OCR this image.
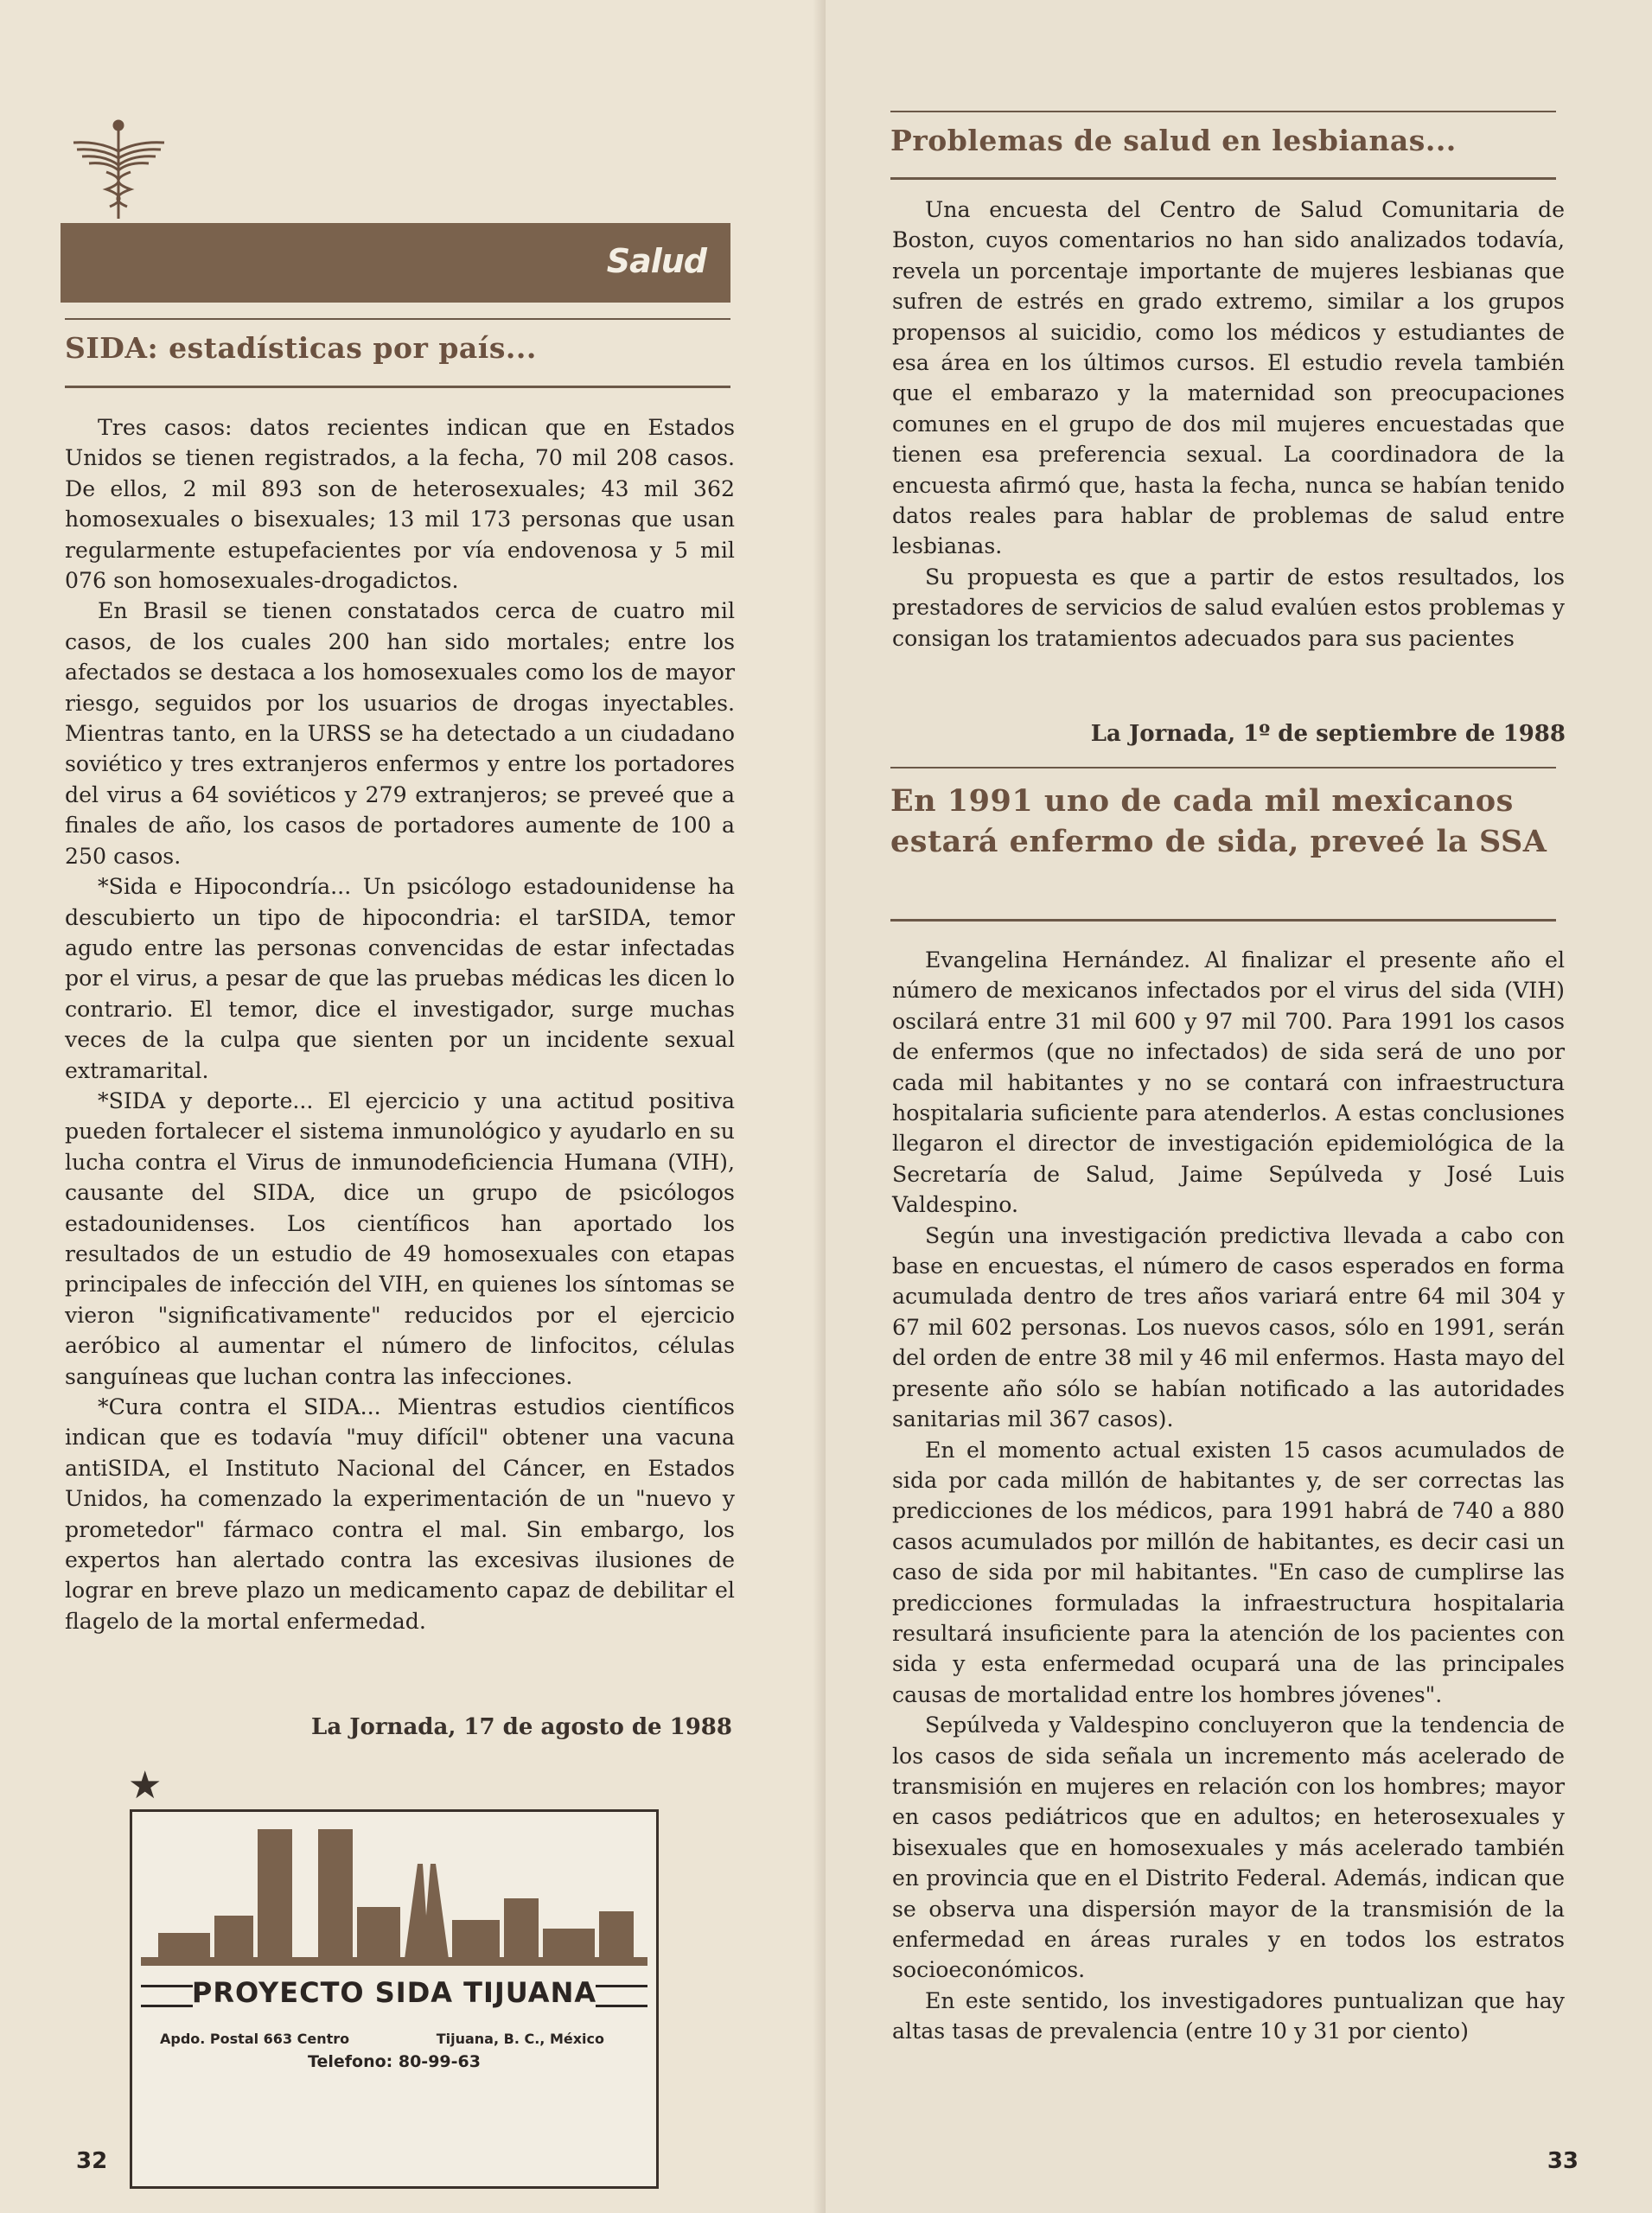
Salud
SIDA: estadísticas por país...

Tres casos: datos recientes indican que en Estados Unidos se tienen registrados, a la fecha, 70 mil 208 casos. De ellos, 2 mil 893 son de heterosexuales; 43 mil 362 homosexuales o bisexuales; 13 mil 173 personas que usan regularmente estupefacientes por vía endovenosa y 5 mil 076 son homosexuales-drogadictos.

En Brasil se tienen constatados cerca de cuatro mil casos, de los cuales 200 han sido mortales; entre los afectados se destaca a los homosexuales como los de mayor riesgo, seguidos por los usuarios de drogas inyectables. Mientras tanto, en la URSS se ha detectado a un ciudadano soviético y tres extranjeros enfermos y entre los portadores del virus a 64 soviéticos y 279 extranjeros; se preveé que a finales de año, los casos de portadores aumente de 100 a 250 casos.

*Sida e Hipocondría... Un psicólogo estadounidense ha descubierto un tipo de hipocondria: el tarSIDA, temor agudo entre las personas convencidas de estar infectadas por el virus, a pesar de que las pruebas médicas les dicen lo contrario. El temor, dice el investigador, surge muchas veces de la culpa que sienten por un incidente sexual extramarital.

*SIDA y deporte... El ejercicio y una actitud positiva pueden fortalecer el sistema inmunológico y ayudarlo en su lucha contra el Virus de inmunodeficiencia Humana (VIH), causante del SIDA, dice un grupo de psicólogos estadounidenses. Los científicos han aportado los resultados de un estudio de 49 homosexuales con etapas principales de infección del VIH, en quienes los síntomas se vieron "significativamente" reducidos por el ejercicio aeróbico al aumentar el número de linfocitos, células sanguíneas que luchan contra las infecciones.

*Cura contra el SIDA... Mientras estudios científicos indican que es todavía "muy difícil" obtener una vacuna antiSIDA, el Instituto Nacional del Cáncer, en Estados Unidos, ha comenzado la experimentación de un "nuevo y prometedor" fármaco contra el mal. Sin embargo, los expertos han alertado contra las excesivas ilusiones de lograr en breve plazo un medicamento capaz de debilitar el flagelo de la mortal enfermedad.

La Jornada, 17 de agosto de 1988
★
PROYECTO SIDA TIJUANA
Apdo. Postal 663 Centro	Tijuana, B. C., México
Telefono: 80-99-63
32
Problemas de salud en lesbianas...

Una encuesta del Centro de Salud Comunitaria de Boston, cuyos comentarios no han sido analizados todavía, revela un porcentaje importante de mujeres lesbianas que sufren de estrés en grado extremo, similar a los grupos propensos al suicidio, como los médicos y estudiantes de esa área en los últimos cursos. El estudio revela también que el embarazo y la maternidad son preocupaciones comunes en el grupo de dos mil mujeres encuestadas que tienen esa preferencia sexual. La coordinadora de la encuesta afirmó que, hasta la fecha, nunca se habían tenido datos reales para hablar de problemas de salud entre lesbianas.

Su propuesta es que a partir de estos resultados, los prestadores de servicios de salud evalúen estos problemas y consigan los tratamientos adecuados para sus pacientes

La Jornada, 1º de septiembre de 1988
En 1991 uno de cada mil mexicanos estará enfermo de sida, preveé la SSA

Evangelina Hernández. Al finalizar el presente año el número de mexicanos infectados por el virus del sida (VIH) oscilará entre 31 mil 600 y 97 mil 700. Para 1991 los casos de enfermos (que no infectados) de sida será de uno por cada mil habitantes y no se contará con infraestructura hospitalaria suficiente para atenderlos. A estas conclusiones llegaron el director de investigación epidemiológica de la Secretaría de Salud, Jaime Sepúlveda y José Luis Valdespino.

Según una investigación predictiva llevada a cabo con base en encuestas, el número de casos esperados en forma acumulada dentro de tres años variará entre 64 mil 304 y 67 mil 602 personas. Los nuevos casos, sólo en 1991, serán del orden de entre 38 mil y 46 mil enfermos. Hasta mayo del presente año sólo se habían notificado a las autoridades sanitarias mil 367 casos).

En el momento actual existen 15 casos acumulados de sida por cada millón de habitantes y, de ser correctas las predicciones de los médicos, para 1991 habrá de 740 a 880 casos acumulados por millón de habitantes, es decir casi un caso de sida por mil habitantes. "En caso de cumplirse las predicciones formuladas la infraestructura hospitalaria resultará insuficiente para la atención de los pacientes con sida y esta enfermedad ocupará una de las principales causas de mortalidad entre los hombres jóvenes".

Sepúlveda y Valdespino concluyeron que la tendencia de los casos de sida señala un incremento más acelerado de transmisión en mujeres en relación con los hombres; mayor en casos pediátricos que en adultos; en heterosexuales y bisexuales que en homosexuales y más acelerado también en provincia que en el Distrito Federal. Además, indican que se observa una dispersión mayor de la transmisión de la enfermedad en áreas rurales y en todos los estratos socioeconómicos.

En este sentido, los investigadores puntualizan que hay altas tasas de prevalencia (entre 10 y 31 por ciento)

33
